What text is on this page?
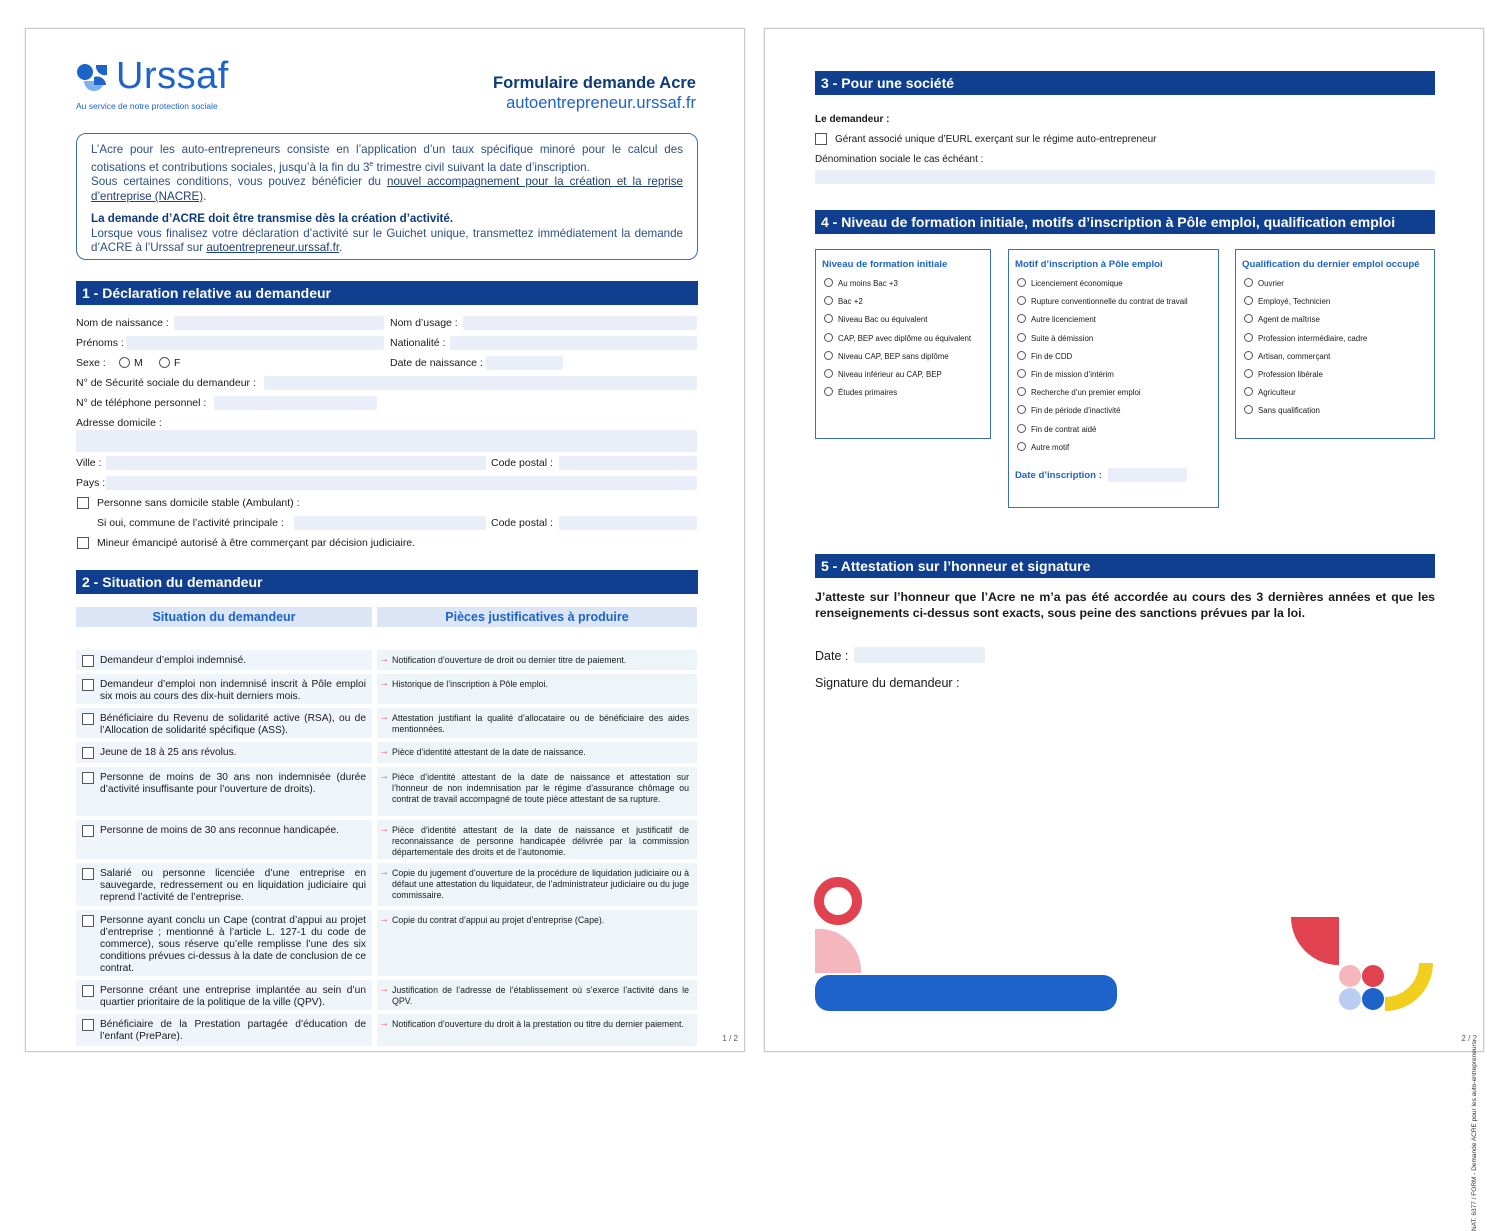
Urssaf
Au service de notre protection sociale
Formulaire demande Acre
autoentrepreneur.urssaf.fr
L’Acre pour les auto-entrepreneurs consiste en l’application d’un taux spécifique minoré pour le calcul des cotisations et contributions sociales, jusqu’à la fin du 3e trimestre civil suivant la date d’inscription.
Sous certaines conditions, vous pouvez bénéficier du nouvel accompagnement pour la création et la reprise d’entreprise (NACRE).
La demande d’ACRE doit être transmise dès la création d’activité.
Lorsque vous finalisez votre déclaration d’activité sur le Guichet unique, transmettez immédiatement la demande d’ACRE à l’Urssaf sur autoentrepreneur.urssaf.fr.
1 - Déclaration relative au demandeur
Nom de naissance :	Nom d’usage :
Prénoms :	Nationalité :
Sexe :	M	F	Date de naissance :
N° de Sécurité sociale du demandeur :
N° de téléphone personnel :
Adresse domicile :
Ville :	Code postal :
Pays :
Personne sans domicile stable (Ambulant) :
Si oui, commune de l’activité principale :	Code postal :
Mineur émancipé autorisé à être commerçant par décision judiciaire.
2 - Situation du demandeur
Situation du demandeur	Pièces justificatives à produire
Demandeur d’emploi indemnisé.	→ Notification d’ouverture de droit ou dernier titre de paiement.
Demandeur d’emploi non indemnisé inscrit à Pôle emploi six mois au cours des dix-huit derniers mois.
→ Historique de l’inscription à Pôle emploi.
Bénéficiaire du Revenu de solidarité active (RSA), ou de l’Allocation de solidarité spécifique (ASS).
→ Attestation justifiant la qualité d’allocataire ou de bénéficiaire des aides mentionnées.
Jeune de 18 à 25 ans révolus.	→ Pièce d’identité attestant de la date de naissance.
Personne de moins de 30 ans non indemnisée (durée d’activité insuffisante pour l’ouverture de droits).
→ Pièce d’identité attestant de la date de naissance et attestation sur l’honneur de non indemnisation par le régime d’assurance chômage ou contrat de travail accompagné de toute pièce attestant de sa rupture.
Personne de moins de 30 ans reconnue handicapée.	→ Pièce d’identité attestant de la date de naissance et justificatif de reconnaissance de personne handicapée délivrée par la commission départementale des droits et de l’autonomie.
Salarié ou personne licenciée d’une entreprise en sauvegarde, redressement ou en liquidation judiciaire qui reprend l’activité de l’entreprise.
→ Copie du jugement d’ouverture de la procédure de liquidation judiciaire ou à défaut une attestation du liquidateur, de l’administrateur judiciaire ou du juge commissaire.
Personne ayant conclu un Cape (contrat d’appui au projet d’entreprise ; mentionné à l’article L. 127-1 du code de commerce), sous réserve qu’elle remplisse l’une des six conditions prévues ci-dessus à la date de conclusion de ce contrat.
→ Copie du contrat d’appui au projet d’entreprise (Cape).
Personne créant une entreprise implantée au sein d’un quartier prioritaire de la politique de la ville (QPV).
→ Justification de l’adresse de l’établissement où s’exerce l’activité dans le QPV.
Bénéficiaire de la Prestation partagée d’éducation de l’enfant (PrePare).
→ Notification d’ouverture du droit à la prestation ou titre du dernier paiement.
1 / 2
3 - Pour une société
Le demandeur :
Gérant associé unique d’EURL exerçant sur le régime auto-entrepreneur
Dénomination sociale le cas échéant :
4 - Niveau de formation initiale, motifs d’inscription à Pôle emploi, qualification emploi
Niveau de formation initiale
Au moins Bac +3
Bac +2
Niveau Bac ou équivalent
CAP, BEP avec diplôme ou équivalent
Niveau CAP, BEP sans diplôme
Niveau inférieur au CAP, BEP
Études primaires
Motif d’inscription à Pôle emploi
Licenciement économique
Rupture conventionnelle du contrat de travail
Autre licenciement
Suite à démission
Fin de CDD
Fin de mission d’intérim
Recherche d’un premier emploi
Fin de période d’inactivité
Fin de contrat aidé
Autre motif
Date d’inscription :
Qualification du dernier emploi occupé
Ouvrier
Employé, Technicien
Agent de maîtrise
Profession intermédiaire, cadre
Artisan, commerçant
Profession libérale
Agriculteur
Sans qualification
5 - Attestation sur l’honneur et signature
J’atteste sur l’honneur que l’Acre ne m’a pas été accordée au cours des 3 dernières années et que les renseignements ci-dessus sont exacts, sous peine des sanctions prévues par la loi.
Date :
Signature du demandeur :
NAT. 6377 / FORM - Demande ACRE pour les auto-entrepreneurs
2 / 2
